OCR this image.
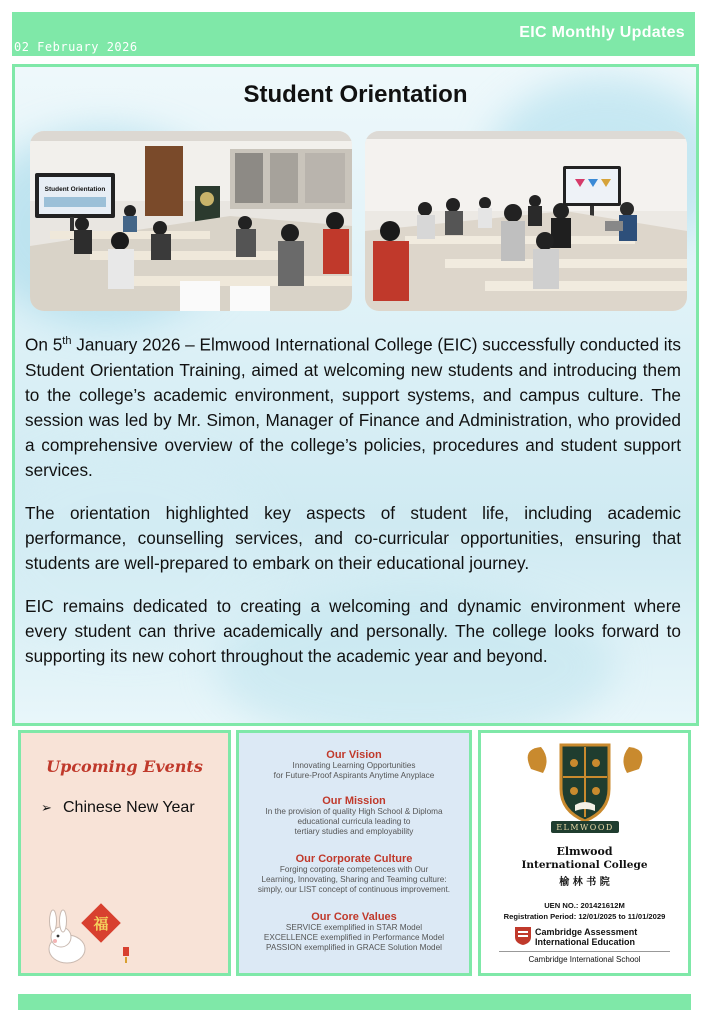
EIC Monthly Updates
02 February 2026
Student Orientation
Student Orientation

On 5th January 2026 – Elmwood International College (EIC) successfully conducted its Student Orientation Training, aimed at welcoming new students and introducing them to the college’s academic environment, support systems, and campus culture. The session was led by Mr. Simon, Manager of Finance and Administration, who provided a comprehensive overview of the college’s policies, procedures and student support services.

The orientation highlighted key aspects of student life, including academic performance, counselling services, and co-curricular opportunities, ensuring that students are well-prepared to embark on their educational journey.

EIC remains dedicated to creating a welcoming and dynamic environment where every student can thrive academically and personally. The college looks forward to supporting its new cohort throughout the academic year and beyond.

Upcoming Events
➢ Chinese New Year
福
Our Vision
Innovating Learning Opportunities
for Future-Proof Aspirants Anytime Anyplace
Our Mission
In the provision of quality High School & Diploma
educational curricula leading to
tertiary studies and employability
Our Corporate Culture
Forging corporate competences with Our
Learning, Innovating, Sharing and Teaming culture:
simply, our LIST concept of continuous improvement.
Our Core Values
SERVICE exemplified in STAR Model
EXCELLENCE exemplified in Performance Model
PASSION exemplified in GRACE Solution Model
ELMWOOD
Elmwood
International College
榆 林 书 院
UEN NO.: 201421612M
Registration Period: 12/01/2025 to 11/01/2029
Cambridge Assessment
International Education
Cambridge International School
